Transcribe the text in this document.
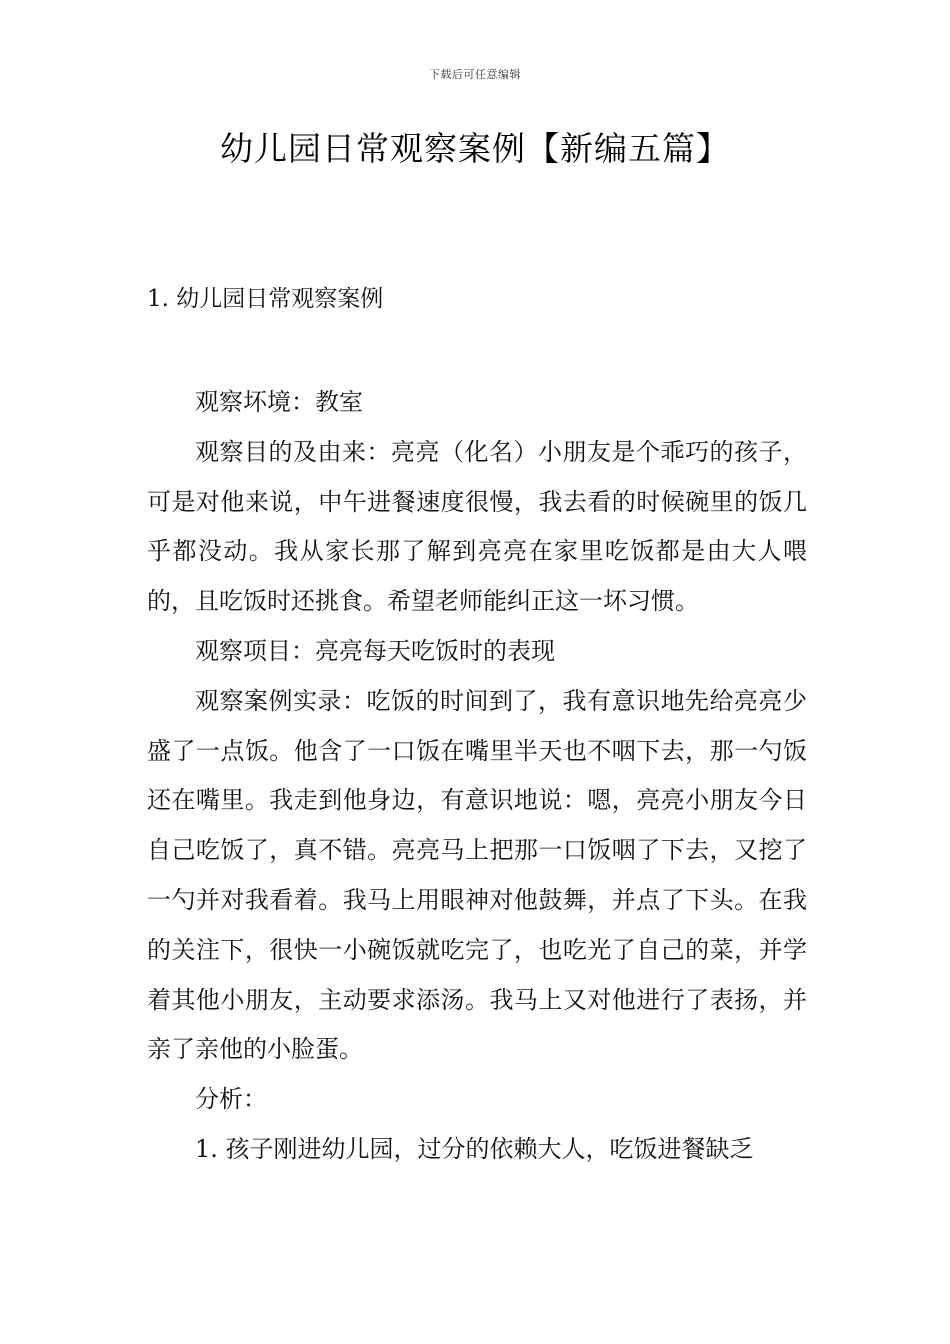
下载后可任意编辑
幼儿园日常观察案例【新编五篇】
1. 幼儿园日常观察案例

观察坏境：教室

观察目的及由来：亮亮（化名）小朋友是个乖巧的孩子，可是对他来说，中午进餐速度很慢，我去看的时候碗里的饭几乎都没动。我从家长那了解到亮亮在家里吃饭都是由大人喂的，且吃饭时还挑食。希望老师能纠正这一坏习惯。

观察项目：亮亮每天吃饭时的表现

观察案例实录：吃饭的时间到了，我有意识地先给亮亮少盛了一点饭。他含了一口饭在嘴里半天也不咽下去，那一勺饭还在嘴里。我走到他身边，有意识地说：嗯，亮亮小朋友今日自己吃饭了，真不错。亮亮马上把那一口饭咽了下去，又挖了一勺并对我看着。我马上用眼神对他鼓舞，并点了下头。在我的关注下，很快一小碗饭就吃完了，也吃光了自己的菜，并学着其他小朋友，主动要求添汤。我马上又对他进行了表扬，并亲了亲他的小脸蛋。

分析：

1. 孩子刚进幼儿园，过分的依赖大人，吃饭进餐缺乏
